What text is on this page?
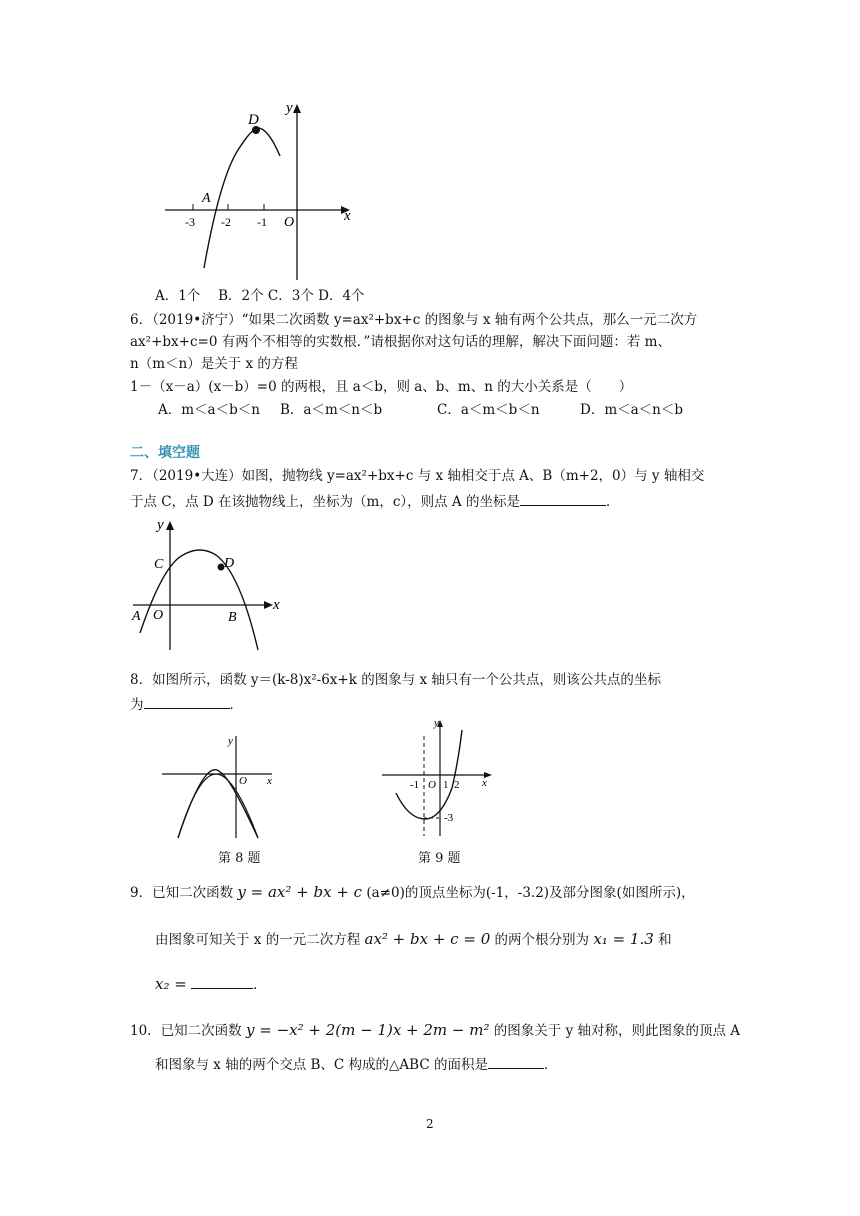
y
x
D
A
O
-3 -2 -1
A．1个　 B．2个 C．3个 D．4个
6．（2019•济宁）“如果二次函数 y=ax²+bx+c 的图象与 x 轴有两个公共点，那么一元二次方
ax²+bx+c=0 有两个不相等的实数根．”请根据你对这句话的理解，解决下面问题：若 m、
n（m＜n）是关于 x 的方程
1－（x－a）(x－b）=0 的两根，且 a＜b，则 a、b、m、n 的大小关系是（　　）
A．m＜a＜b＜n B．a＜m＜n＜b	C．a＜m＜b＜n	D．m＜a＜n＜b
二、填空题
7．（2019•大连）如图，抛物线 y=ax²+bx+c 与 x 轴相交于点 A、B（m+2，0）与 y 轴相交
于点 C，点 D 在该抛物线上，坐标为（m，c），则点 A 的坐标是	．
y
x
C	D
A O	B
8．如图所示，函数 y＝(k-8)x²-6x+k 的图象与 x 轴只有一个公共点，则该公共点的坐标
为	．
y
O x
第 8 题
y
x
-1 O 1 2
-3
第 9 题
9．已知二次函数 y = ax² + bx + c (a≠0)的顶点坐标为(-1，-3.2)及部分图象(如图所示)，
由图象可知关于 x 的一元二次方程 ax² + bx + c = 0 的两个根分别为 x₁ = 1.3 和
x₂ =	．
10．已知二次函数 y = −x² + 2(m − 1)x + 2m − m² 的图象关于 y 轴对称，则此图象的顶点 A
和图象与 x 轴的两个交点 B、C 构成的△ABC 的面积是	．
2
